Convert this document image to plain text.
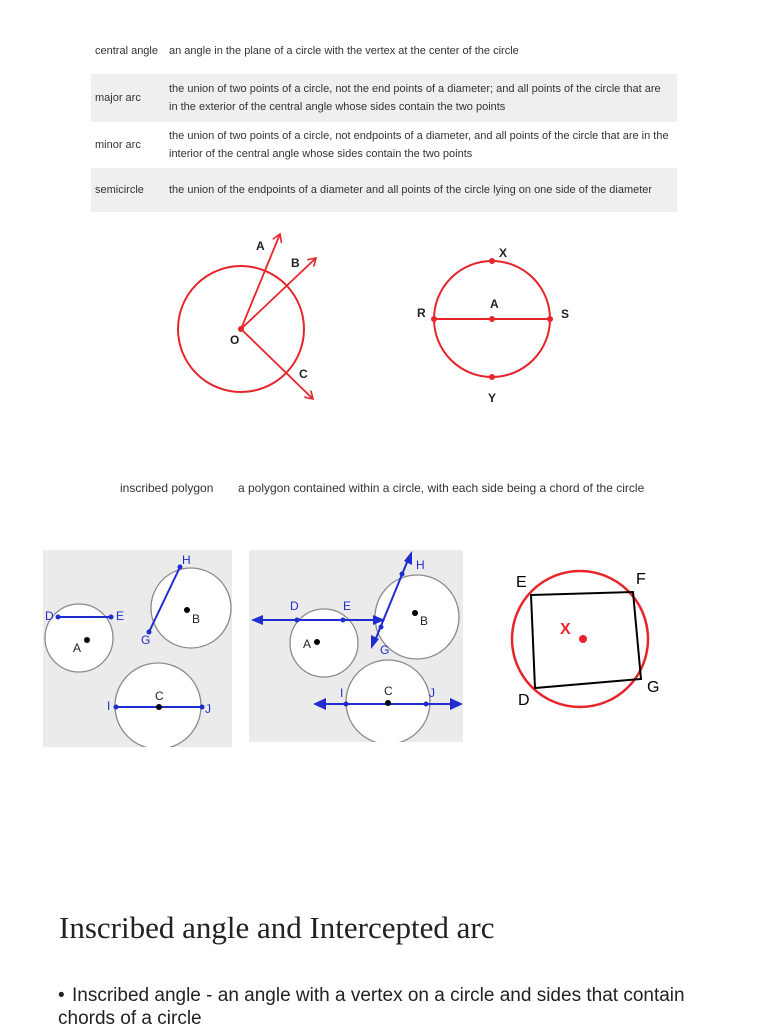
central angle	an angle in the plane of a circle with the vertex at the center of the circle
major arc	the union of two points of a circle, not the end points of a diameter; and all points of the circle that are in the exterior of the central angle whose sides contain the two points
minor arc	the union of two points of a circle, not endpoints of a diameter, and all points of the circle that are in the interior of the central angle whose sides contain the two points
semicircle	the union of the endpoints of a diameter and all points of the circle lying on one side of the diameter
O
A
B
C
X
R	S
Y
A
inscribed polygon a polygon contained within a circle, with each side being a chord of the circle
H
D	E	B
G
A
C
I	J
H
D	E
B
A	G
C
I	J
X
E	F
D
G
Inscribed angle and Intercepted arc
• Inscribed angle - an angle with a vertex on a circle and sides that contain chords of a circle
